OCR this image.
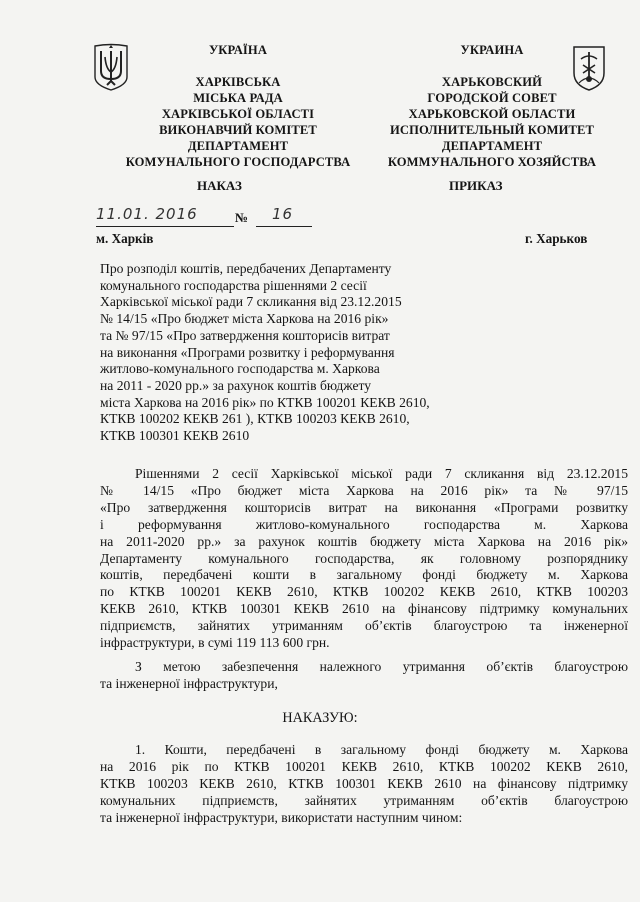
УКРАЇНА
ХАРКІВСЬКА
МІСЬКА РАДА
ХАРКІВСЬКОЇ ОБЛАСТІ
ВИКОНАВЧИЙ КОМІТЕТ
ДЕПАРТАМЕНТ
КОМУНАЛЬНОГО ГОСПОДАРСТВА
УКРАИНА
ХАРЬКОВСКИЙ
ГОРОДСКОЙ СОВЕТ
ХАРЬКОВСКОЙ ОБЛАСТИ
ИСПОЛНИТЕЛЬНЫЙ КОМИТЕТ
ДЕПАРТАМЕНТ
КОММУНАЛЬНОГО ХОЗЯЙСТВА
НАКАЗ	ПРИКАЗ
11.01. 2016	№ 16
м. Харків	г. Харьков
Про розподіл коштів, передбачених Департаменту
комунального господарства рішеннями 2 сесії
Харківської міської ради 7 скликання від 23.12.2015
№ 14/15 «Про бюджет міста Харкова на 2016 рік»
та № 97/15 «Про затвердження кошторисів витрат
на виконання «Програми розвитку і реформування
житлово-комунального господарства м. Харкова
на 2011 - 2020 рр.» за рахунок коштів бюджету
міста Харкова на 2016 рік» по КТКВ 100201 КЕКВ 2610,
КТКВ 100202 КЕКВ 261 ), КТКВ 100203 КЕКВ 2610,
КТКВ 100301 КЕКВ 2610
Рішеннями 2 сесії Харківської міської ради 7 скликання від 23.12.2015
№ 14/15 «Про бюджет міста Харкова на 2016 рік» та № 97/15
«Про затвердження кошторисів витрат на виконання «Програми розвитку
і реформування житлово-комунального господарства м. Харкова
на 2011-2020 рр.» за рахунок коштів бюджету міста Харкова на 2016 рік»
Департаменту комунального господарства, як головному розпоряднику
коштів, передбачені кошти в загальному фонді бюджету м. Харкова
по КТКВ 100201 КЕКВ 2610, КТКВ 100202 КЕКВ 2610, КТКВ 100203
КЕКВ 2610, КТКВ 100301 КЕКВ 2610 на фінансову підтримку комунальних
підприємств, зайнятих утриманням об’єктів благоустрою та інженерної
інфраструктури, в сумі 119 113 600 грн.
З метою забезпечення належного утримання об’єктів благоустрою
та інженерної інфраструктури,
НАКАЗУЮ:
1. Кошти, передбачені в загальному фонді бюджету м. Харкова
на 2016 рік по КТКВ 100201 КЕКВ 2610, КТКВ 100202 КЕКВ 2610,
КТКВ 100203 КЕКВ 2610, КТКВ 100301 КЕКВ 2610 на фінансову підтримку
комунальних підприємств, зайнятих утриманням об’єктів благоустрою
та інженерної інфраструктури, використати наступним чином:
